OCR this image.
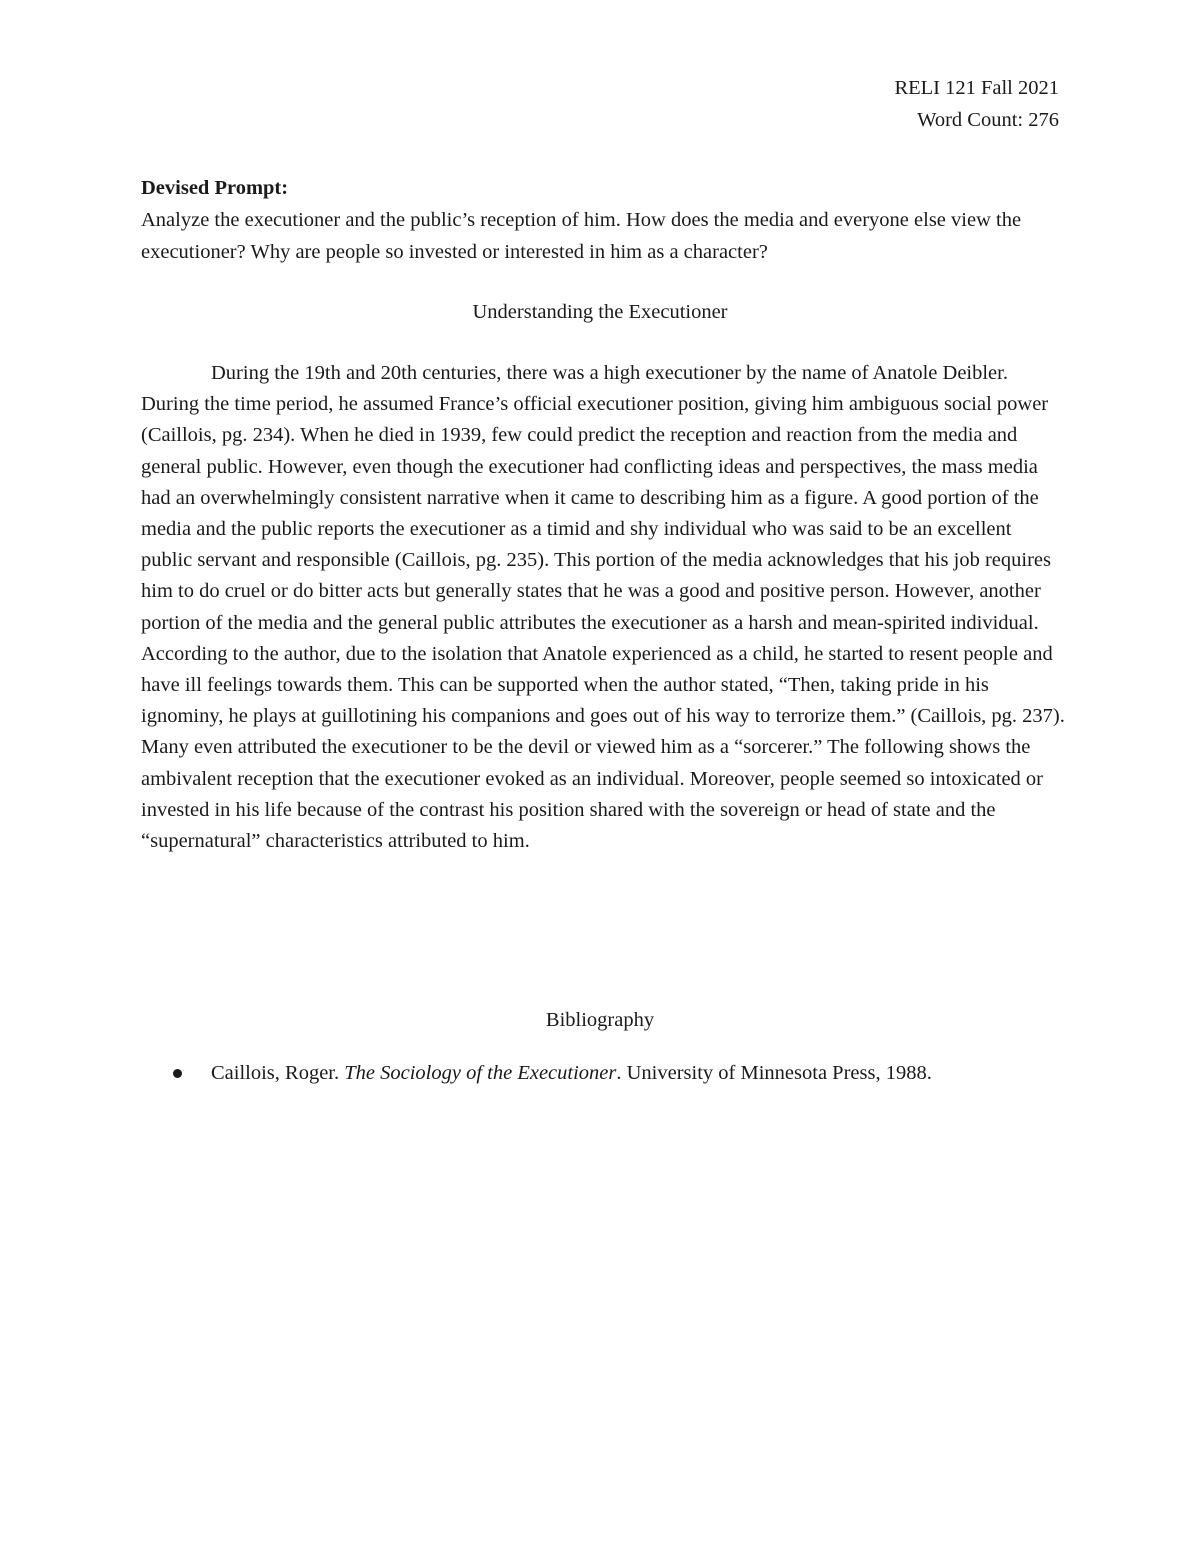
RELI 121 Fall 2021
Word Count: 276
Devised Prompt:
Analyze the executioner and the public’s reception of him. How does the media and everyone else view the executioner? Why are people so invested or interested in him as a character?
Understanding the Executioner

During the 19th and 20th centuries, there was a high executioner by the name of Anatole Deibler. During the time period, he assumed France’s official executioner position, giving him ambiguous social power (Caillois, pg. 234). When he died in 1939, few could predict the reception and reaction from the media and general public. However, even though the executioner had conflicting ideas and perspectives, the mass media had an overwhelmingly consistent narrative when it came to describing him as a figure. A good portion of the media and the public reports the executioner as a timid and shy individual who was said to be an excellent public servant and responsible (Caillois, pg. 235). This portion of the media acknowledges that his job requires him to do cruel or do bitter acts but generally states that he was a good and positive person. However, another portion of the media and the general public attributes the executioner as a harsh and mean-spirited individual. According to the author, due to the isolation that Anatole experienced as a child, he started to resent people and have ill feelings towards them. This can be supported when the author stated, “Then, taking pride in his ignominy, he plays at guillotining his companions and goes out of his way to terrorize them.” (Caillois, pg. 237). Many even attributed the executioner to be the devil or viewed him as a “sorcerer.” The following shows the ambivalent reception that the executioner evoked as an individual. Moreover, people seemed so intoxicated or invested in his life because of the contrast his position shared with the sovereign or head of state and the “supernatural” characteristics attributed to him.

Bibliography
Caillois, Roger. The Sociology of the Executioner. University of Minnesota Press, 1988.
